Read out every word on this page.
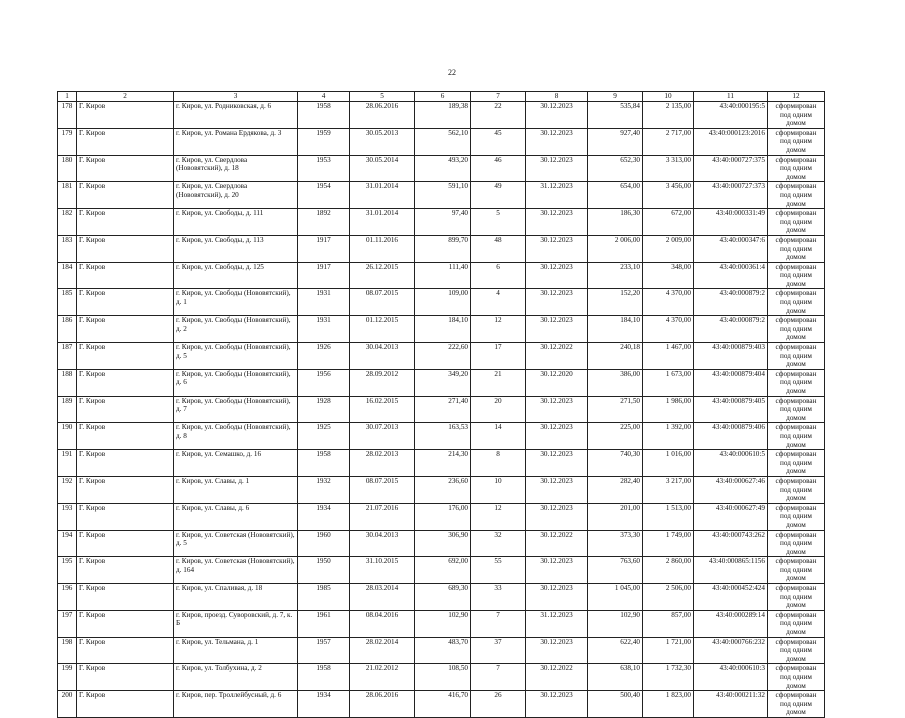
22
1	2	3	4	5	6	7	8	9	10	11	12
178	Г. Киров	г. Киров, ул. Родниковская, д. 6	1958	28.06.2016	189,38	22	30.12.2023	535,84	2 135,00	43:40:000195:5	сформирован под одним домом
179	Г. Киров	г. Киров, ул. Романа Ердякова, д. 3	1959	30.05.2013	562,10	45	30.12.2023	927,40	2 717,00	43:40:000123:2016	сформирован под одним домом
180	Г. Киров	г. Киров, ул. Свердлова (Нововятский), д. 18	1953	30.05.2014	493,20	46	30.12.2023	652,30	3 313,00	43:40:000727:375	сформирован под одним домом
181	Г. Киров	г. Киров, ул. Свердлова (Нововятский), д. 20	1954	31.01.2014	591,10	49	31.12.2023	654,00	3 456,00	43:40:000727:373	сформирован под одним домом
182	Г. Киров	г. Киров, ул. Свободы, д. 111	1892	31.01.2014	97,40	5	30.12.2023	186,30	672,00	43:40:000331:49	сформирован под одним домом
183	Г. Киров	г. Киров, ул. Свободы, д. 113	1917	01.11.2016	899,70	48	30.12.2023	2 006,00	2 009,00	43:40:000347:6	сформирован под одним домом
184	Г. Киров	г. Киров, ул. Свободы, д. 125	1917	26.12.2015	111,40	6	30.12.2023	233,10	348,00	43:40:000361:4	сформирован под одним домом
185	Г. Киров	г. Киров, ул. Свободы (Нововятский), д. 1	1931	08.07.2015	109,00	4	30.12.2023	152,20	4 370,00	43:40:000879:2	сформирован под одним домом
186	Г. Киров	г. Киров, ул. Свободы (Нововятский), д. 2	1931	01.12.2015	184,10	12	30.12.2023	184,10	4 370,00	43:40:000879:2	сформирован под одним домом
187	Г. Киров	г. Киров, ул. Свободы (Нововятский), д. 5	1926	30.04.2013	222,60	17	30.12.2022	240,18	1 467,00	43:40:000879:403	сформирован под одним домом
188	Г. Киров	г. Киров, ул. Свободы (Нововятский), д. 6	1956	28.09.2012	349,20	21	30.12.2020	386,00	1 673,00	43:40:000879:404	сформирован под одним домом
189	Г. Киров	г. Киров, ул. Свободы (Нововятский), д. 7	1928	16.02.2015	271,40	20	30.12.2023	271,50	1 986,00	43:40:000879:405	сформирован под одним домом
190	Г. Киров	г. Киров, ул. Свободы (Нововятский), д. 8	1925	30.07.2013	163,53	14	30.12.2023	225,00	1 392,00	43:40:000879:406	сформирован под одним домом
191	Г. Киров	г. Киров, ул. Семашко, д. 16	1958	28.02.2013	214,30	8	30.12.2023	740,30	1 016,00	43:40:000610:5	сформирован под одним домом
192	Г. Киров	г. Киров, ул. Славы, д. 1	1932	08.07.2015	236,60	10	30.12.2023	282,40	3 217,00	43:40:000627:46	сформирован под одним домом
193	Г. Киров	г. Киров, ул. Славы, д. 6	1934	21.07.2016	176,00	12	30.12.2023	201,00	1 513,00	43:40:000627:49	сформирован под одним домом
194	Г. Киров	г. Киров, ул. Советская (Нововятский), д. 5	1960	30.04.2013	306,90	32	30.12.2022	373,30	1 749,00	43:40:000743:262	сформирован под одним домом
195	Г. Киров	г. Киров, ул. Советская (Нововятский), д. 164	1950	31.10.2015	692,00	55	30.12.2023	763,60	2 860,00	43:40:000865:1156	сформирован под одним домом
196	Г. Киров	г. Киров, ул. Спаливая, д. 18	1985	28.03.2014	689,30	33	30.12.2023	1 045,00	2 506,00	43:40:000452:424	сформирован под одним домом
197	Г. Киров	г. Киров, проезд. Суворовский, д. 7, к. Б	1961	08.04.2016	102,90	7	31.12.2023	102,90	857,00	43:40:000289:14	сформирован под одним домом
198	Г. Киров	г. Киров, ул. Тельмана, д. 1	1957	28.02.2014	483,70	37	30.12.2023	622,40	1 721,00	43:40:000766:232	сформирован под одним домом
199	Г. Киров	г. Киров, ул. Толбухина, д. 2	1958	21.02.2012	108,50	7	30.12.2022	638,10	1 732,30	43:40:000610:3	сформирован под одним домом
200	Г. Киров	г. Киров, пер. Троллейбусный, д. 6	1934	28.06.2016	416,70	26	30.12.2023	500,40	1 823,00	43:40:000211:32	сформирован под одним домом
